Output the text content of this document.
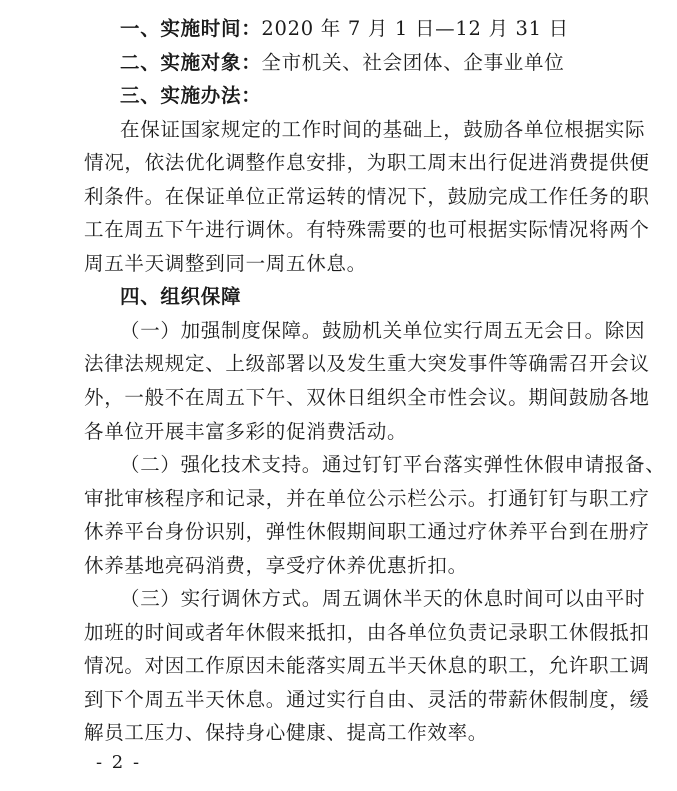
一、实施时间：2020 年 7 月 1 日—12 月 31 日
二、实施对象：全市机关、社会团体、企事业单位
三、实施办法：
在保证国家规定的工作时间的基础上，鼓励各单位根据实际
情况，依法优化调整作息安排，为职工周末出行促进消费提供便
利条件。在保证单位正常运转的情况下，鼓励完成工作任务的职
工在周五下午进行调休。有特殊需要的也可根据实际情况将两个
周五半天调整到同一周五休息。
四、组织保障
（一）加强制度保障。鼓励机关单位实行周五无会日。除因
法律法规规定、上级部署以及发生重大突发事件等确需召开会议
外，一般不在周五下午、双休日组织全市性会议。期间鼓励各地
各单位开展丰富多彩的促消费活动。
（二）强化技术支持。通过钉钉平台落实弹性休假申请报备、
审批审核程序和记录，并在单位公示栏公示。打通钉钉与职工疗
休养平台身份识别，弹性休假期间职工通过疗休养平台到在册疗
休养基地亮码消费，享受疗休养优惠折扣。
（三）实行调休方式。周五调休半天的休息时间可以由平时
加班的时间或者年休假来抵扣，由各单位负责记录职工休假抵扣
情况。对因工作原因未能落实周五半天休息的职工，允许职工调
到下个周五半天休息。通过实行自由、灵活的带薪休假制度，缓
解员工压力、保持身心健康、提高工作效率。
- 2 -
